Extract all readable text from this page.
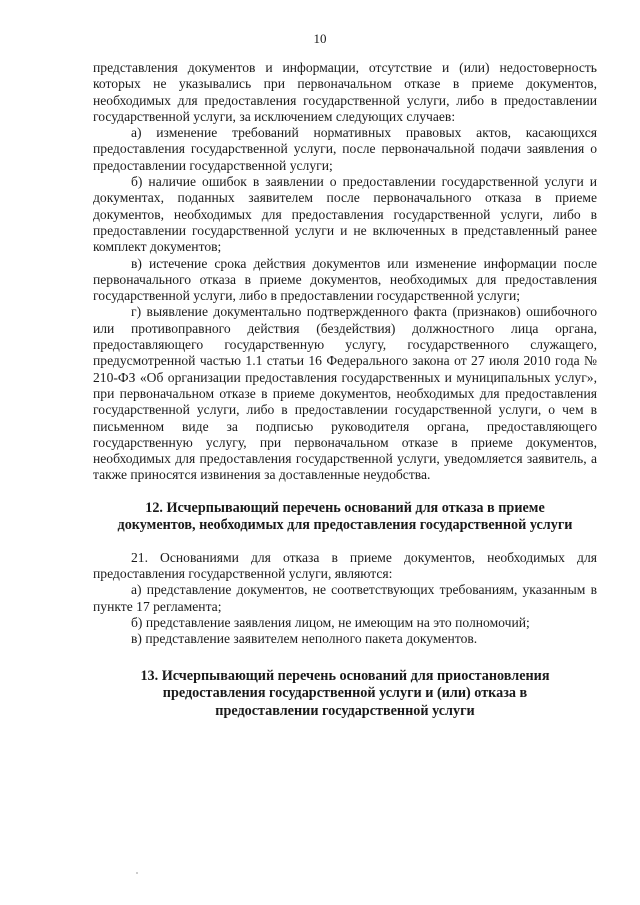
10

представления документов и информации, отсутствие и (или) недостоверность которых не указывались при первоначальном отказе в приеме документов, необходимых для предоставления государственной услуги, либо в предоставлении государственной услуги, за исключением следующих случаев:

а) изменение требований нормативных правовых актов, касающихся предоставления государственной услуги, после первоначальной подачи заявления о предоставлении государственной услуги;

б) наличие ошибок в заявлении о предоставлении государственной услуги и документах, поданных заявителем после первоначального отказа в приеме документов, необходимых для предоставления государственной услуги, либо в предоставлении государственной услуги и не включенных в представленный ранее комплект документов;

в) истечение срока действия документов или изменение информации после первоначального отказа в приеме документов, необходимых для предоставления государственной услуги, либо в предоставлении государственной услуги;

г) выявление документально подтвержденного факта (признаков) ошибочного или противоправного действия (бездействия) должностного лица органа, предоставляющего государственную услугу, государственного служащего, предусмотренной частью 1.1 статьи 16 Федерального закона от 27 июля 2010 года № 210-ФЗ «Об организации предоставления государственных и муниципальных услуг», при первоначальном отказе в приеме документов, необходимых для предоставления государственной услуги, либо в предоставлении государственной услуги, о чем в письменном виде за подписью руководителя органа, предоставляющего государственную услугу, при первоначальном отказе в приеме документов, необходимых для предоставления государственной услуги, уведомляется заявитель, а также приносятся извинения за доставленные неудобства.

12. Исчерпывающий перечень оснований для отказа в приеме
документов, необходимых для предоставления государственной услуги

21. Основаниями для отказа в приеме документов, необходимых для предоставления государственной услуги, являются:

а) представление документов, не соответствующих требованиям, указанным в пункте 17 регламента;

б) представление заявления лицом, не имеющим на это полномочий;

в) представление заявителем неполного пакета документов.

13. Исчерпывающий перечень оснований для приостановления
предоставления государственной услуги и (или) отказа в
предоставлении государственной услуги
